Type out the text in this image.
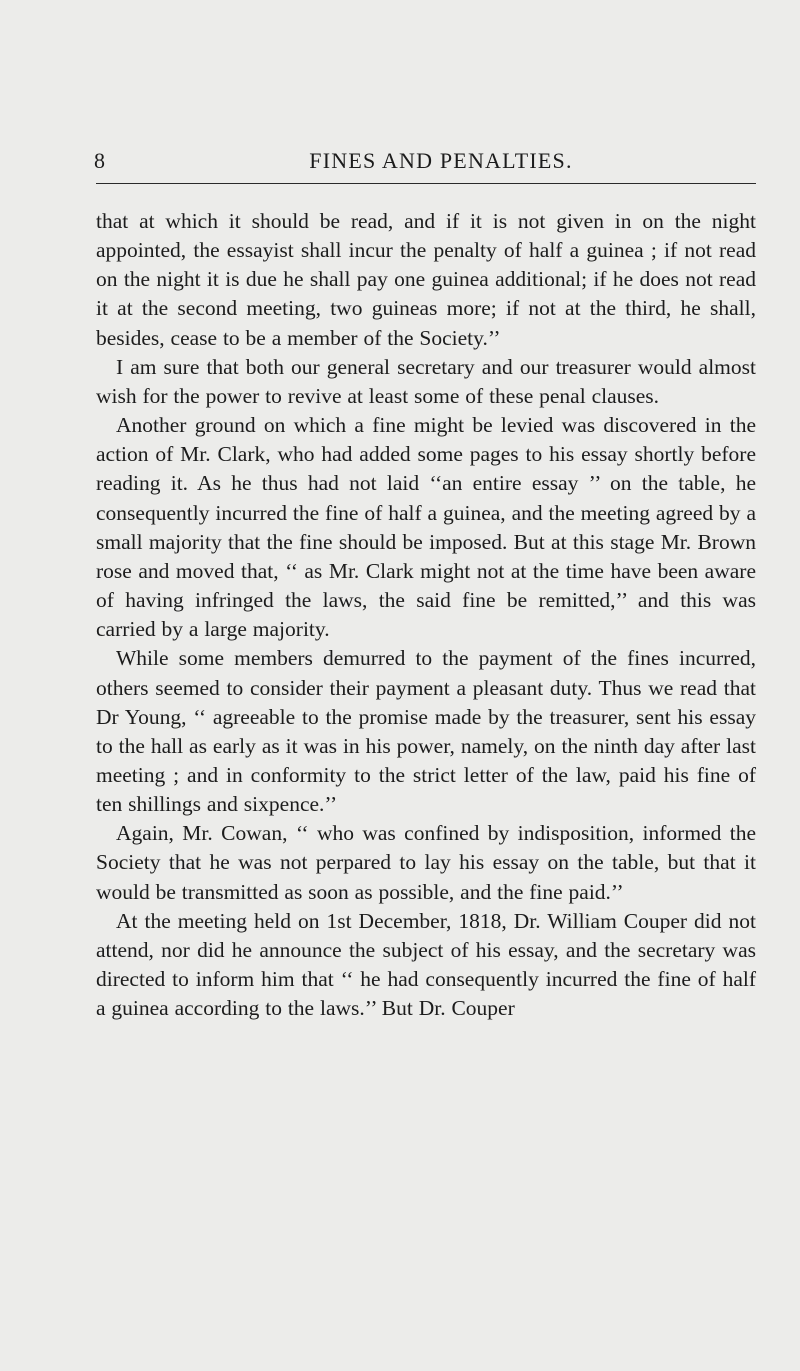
8	FINES AND PENALTIES.

that at which it should be read, and if it is not given in on the night appointed, the essayist shall incur the penalty of half a guinea ; if not read on the night it is due he shall pay one guinea additional; if he does not read it at the second meeting, two guineas more; if not at the third, he shall, besides, cease to be a member of the Society.’’

I am sure that both our general secretary and our treasurer would almost wish for the power to revive at least some of these penal clauses.

Another ground on which a fine might be levied was discovered in the action of Mr. Clark, who had added some pages to his essay shortly before reading it. As he thus had not laid ‘‘an entire essay ’’ on the table, he consequently incurred the fine of half a guinea, and the meeting agreed by a small majority that the fine should be imposed. But at this stage Mr. Brown rose and moved that, ‘‘ as Mr. Clark might not at the time have been aware of having infringed the laws, the said fine be remitted,’’ and this was carried by a large majority.

While some members demurred to the payment of the fines incurred, others seemed to consider their payment a pleasant duty. Thus we read that Dr Young, ‘‘ agreeable to the promise made by the treasurer, sent his essay to the hall as early as it was in his power, namely, on the ninth day after last meeting ; and in conformity to the strict letter of the law, paid his fine of ten shillings and sixpence.’’

Again, Mr. Cowan, ‘‘ who was confined by indisposition, informed the Society that he was not perpared to lay his essay on the table, but that it would be transmitted as soon as possible, and the fine paid.’’

At the meeting held on 1st December, 1818, Dr. William Couper did not attend, nor did he announce the subject of his essay, and the secretary was directed to inform him that ‘‘ he had consequently incurred the fine of half a guinea according to the laws.’’ But Dr. Couper
